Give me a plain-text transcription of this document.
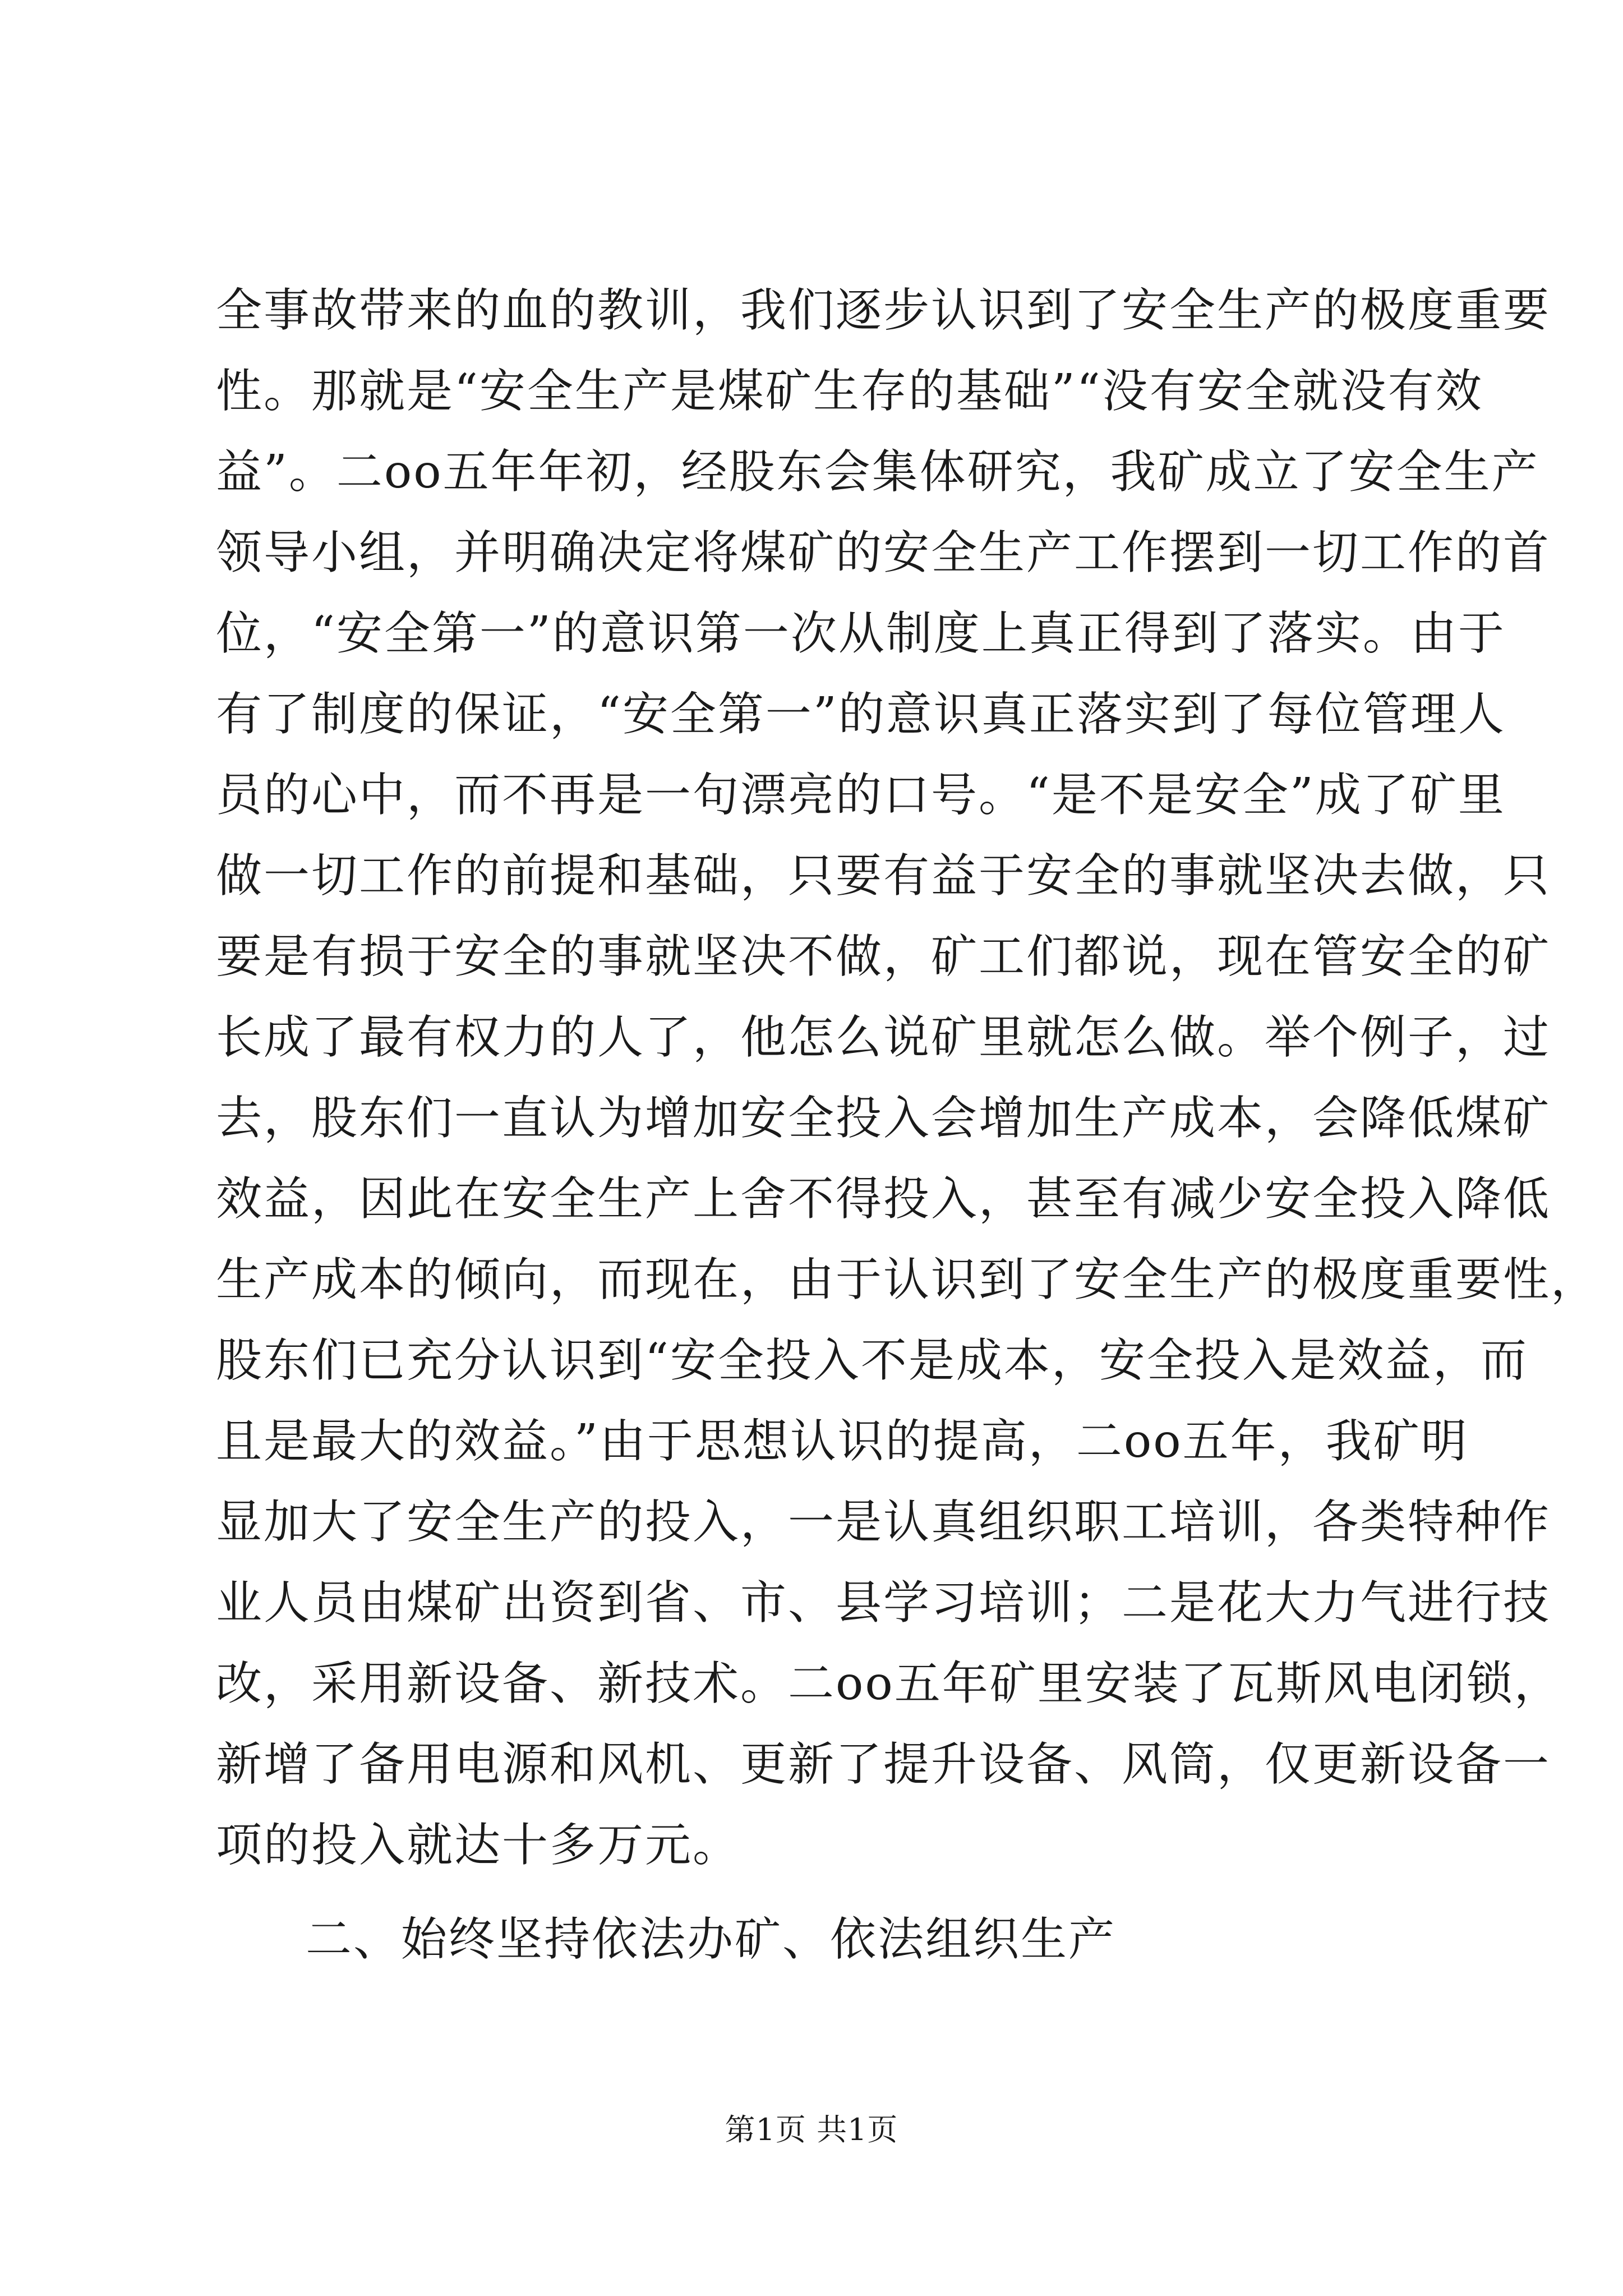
全事故带来的血的教训，我们逐步认识到了安全生产的极度重要
性。那就是“安全生产是煤矿生存的基础”“没有安全就没有效
益”。二oo五年年初，经股东会集体研究，我矿成立了安全生产
领导小组，并明确决定将煤矿的安全生产工作摆到一切工作的首
位，“安全第一”的意识第一次从制度上真正得到了落实。由于
有了制度的保证，“安全第一”的意识真正落实到了每位管理人
员的心中，而不再是一句漂亮的口号。“是不是安全”成了矿里
做一切工作的前提和基础，只要有益于安全的事就坚决去做，只
要是有损于安全的事就坚决不做，矿工们都说，现在管安全的矿
长成了最有权力的人了，他怎么说矿里就怎么做。举个例子，过
去，股东们一直认为增加安全投入会增加生产成本，会降低煤矿
效益，因此在安全生产上舍不得投入，甚至有减少安全投入降低
生产成本的倾向，而现在，由于认识到了安全生产的极度重要性，
股东们已充分认识到“安全投入不是成本，安全投入是效益，而
且是最大的效益。”由于思想认识的提高，二oo五年，我矿明
显加大了安全生产的投入，一是认真组织职工培训，各类特种作
业人员由煤矿出资到省、市、县学习培训；二是花大力气进行技
改，采用新设备、新技术。二oo五年矿里安装了瓦斯风电闭锁，
新增了备用电源和风机、更新了提升设备、风筒，仅更新设备一
项的投入就达十多万元。
二、始终坚持依法办矿、依法组织生产
第1页 共1页
